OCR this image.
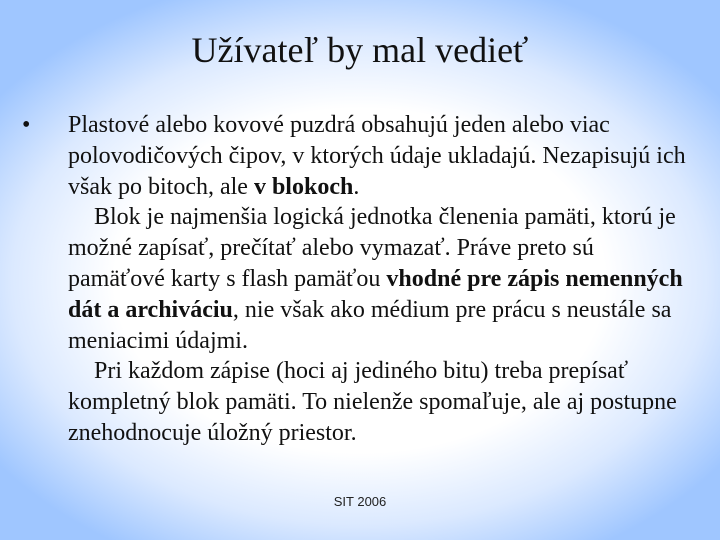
Užívateľ by mal vedieť
• Plastové alebo kovové puzdrá obsahujú jeden alebo viac polovodičových čipov, v ktorých údaje ukladajú. Nezapisujú ich však po bitoch, ale v blokoch.

Blok je najmenšia logická jednotka členenia pamäti, ktorú je možné zapísať, prečítať alebo vymazať. Práve preto sú pamäťové karty s flash pamäťou vhodné pre zápis nemenných dát a archiváciu, nie však ako médium pre prácu s neustále sa meniacimi údajmi.

Pri každom zápise (hoci aj jediného bitu) treba prepísať kompletný blok pamäti. To nielenže spomaľuje, ale aj postupne znehodnocuje úložný priestor.

SIT 2006
